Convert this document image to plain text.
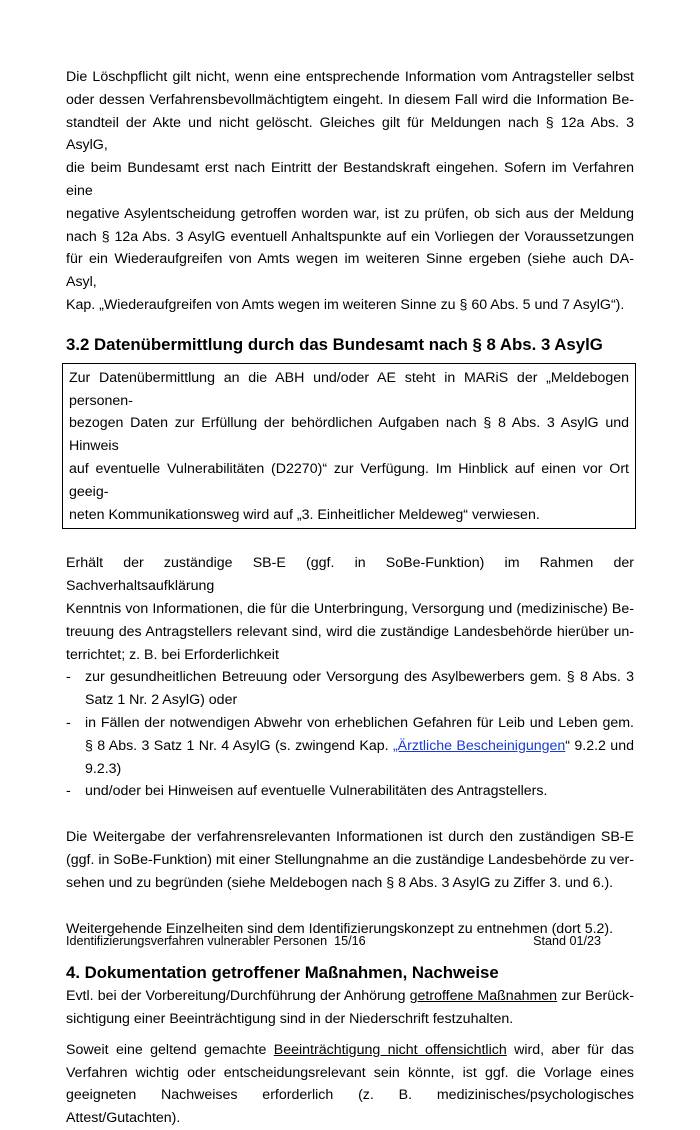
Die Löschpflicht gilt nicht, wenn eine entsprechende Information vom Antragsteller selbst
oder dessen Verfahrensbevollmächtigtem eingeht. In diesem Fall wird die Information Be-
standteil der Akte und nicht gelöscht. Gleiches gilt für Meldungen nach § 12a Abs. 3 AsylG,
die beim Bundesamt erst nach Eintritt der Bestandskraft eingehen. Sofern im Verfahren eine
negative Asylentscheidung getroffen worden war, ist zu prüfen, ob sich aus der Meldung
nach § 12a Abs. 3 AsylG eventuell Anhaltspunkte auf ein Vorliegen der Voraussetzungen
für ein Wiederaufgreifen von Amts wegen im weiteren Sinne ergeben (siehe auch DA-Asyl,
Kap. „Wiederaufgreifen von Amts wegen im weiteren Sinne zu § 60 Abs. 5 und 7 AsylG“).

3.2 Datenübermittlung durch das Bundesamt nach § 8 Abs. 3 AsylG

Zur Datenübermittlung an die ABH und/oder AE steht in MARiS der „Meldebogen personen-
bezogen Daten zur Erfüllung der behördlichen Aufgaben nach § 8 Abs. 3 AsylG und Hinweis
auf eventuelle Vulnerabilitäten (D2270)“ zur Verfügung. Im Hinblick auf einen vor Ort geeig-
neten Kommunikationsweg wird auf „3. Einheitlicher Meldeweg“ verwiesen.

Erhält der zuständige SB-E (ggf. in SoBe-Funktion) im Rahmen der Sachverhaltsaufklärung
Kenntnis von Informationen, die für die Unterbringung, Versorgung und (medizinische) Be-
treuung des Antragstellers relevant sind, wird die zuständige Landesbehörde hierüber un-
terrichtet; z. B. bei Erforderlichkeit

- zur gesundheitlichen Betreuung oder Versorgung des Asylbewerbers gem. § 8 Abs. 3
Satz 1 Nr. 2 AsylG) oder
- in Fällen der notwendigen Abwehr von erheblichen Gefahren für Leib und Leben gem.
§ 8 Abs. 3 Satz 1 Nr. 4 AsylG (s. zwingend Kap. „Ärztliche Bescheinigungen“ 9.2.2 und
9.2.3)
- und/oder bei Hinweisen auf eventuelle Vulnerabilitäten des Antragstellers.

Die Weitergabe der verfahrensrelevanten Informationen ist durch den zuständigen SB-E
(ggf. in SoBe-Funktion) mit einer Stellungnahme an die zuständige Landesbehörde zu ver-
sehen und zu begründen (siehe Meldebogen nach § 8 Abs. 3 AsylG zu Ziffer 3. und 6.).

Weitergehende Einzelheiten sind dem Identifizierungskonzept zu entnehmen (dort 5.2).

4. Dokumentation getroffener Maßnahmen, Nachweise

Evtl. bei der Vorbereitung/Durchführung der Anhörung getroffene Maßnahmen zur Berück-
sichtigung einer Beeinträchtigung sind in der Niederschrift festzuhalten.

Soweit eine geltend gemachte Beeinträchtigung nicht offensichtlich wird, aber für das
Verfahren wichtig oder entscheidungsrelevant sein könnte, ist ggf. die Vorlage eines
geeigneten Nachweises erforderlich (z. B. medizinisches/psychologisches
Attest/Gutachten).

Identifizierungsverfahren vulnerabler Personen 15/16	Stand 01/23
